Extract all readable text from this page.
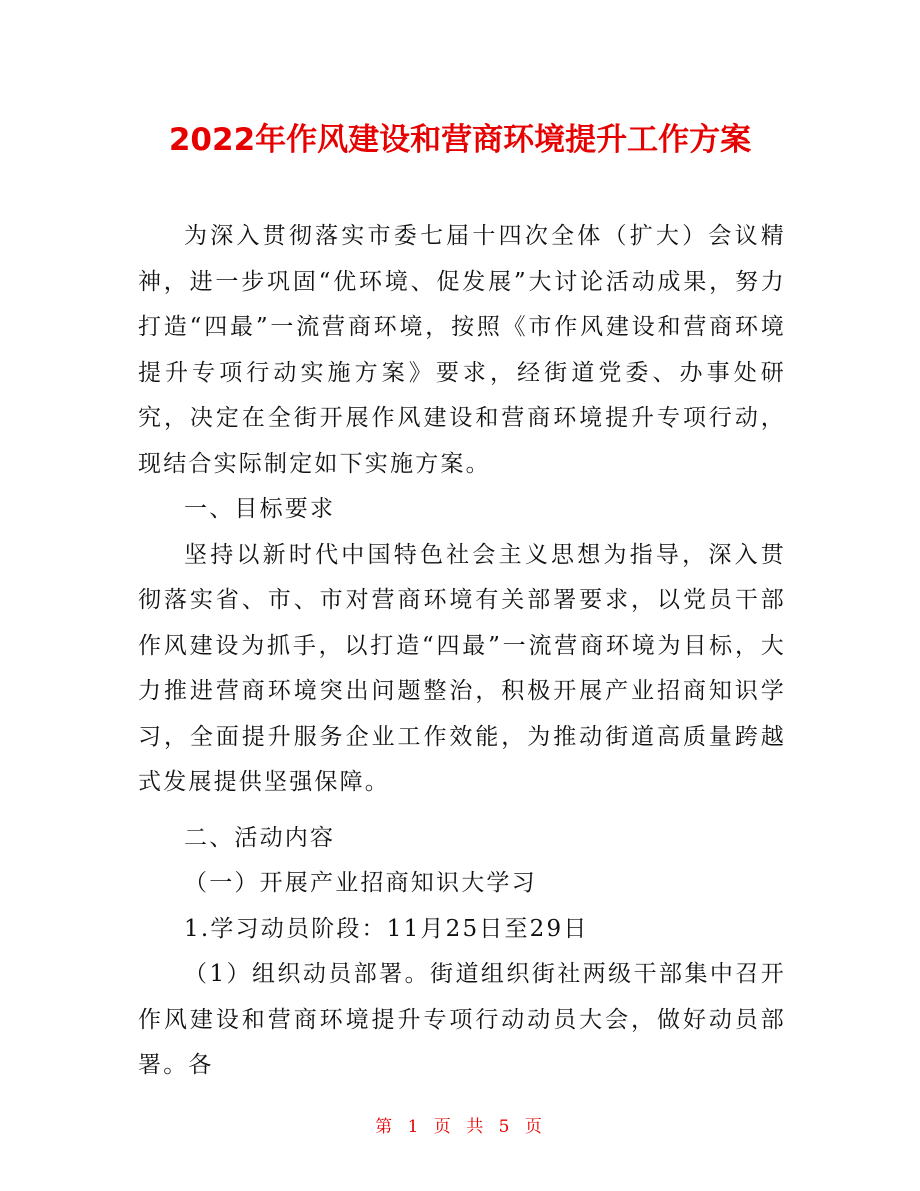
2022年作风建设和营商环境提升工作方案

为深入贯彻落实市委七届十四次全体（扩大）会议精神，进一步巩固“优环境、促发展”大讨论活动成果，努力打造“四最”一流营商环境，按照《市作风建设和营商环境提升专项行动实施方案》要求，经街道党委、办事处研究，决定在全街开展作风建设和营商环境提升专项行动，现结合实际制定如下实施方案。

一、目标要求

坚持以新时代中国特色社会主义思想为指导，深入贯彻落实省、市、市对营商环境有关部署要求，以党员干部作风建设为抓手，以打造“四最”一流营商环境为目标，大力推进营商环境突出问题整治，积极开展产业招商知识学习，全面提升服务企业工作效能，为推动街道高质量跨越式发展提供坚强保障。

二、活动内容

（一）开展产业招商知识大学习

1.学习动员阶段：11月25日至29日

（1）组织动员部署。街道组织街社两级干部集中召开作风建设和营商环境提升专项行动动员大会，做好动员部署。各

第 1 页 共 5 页
